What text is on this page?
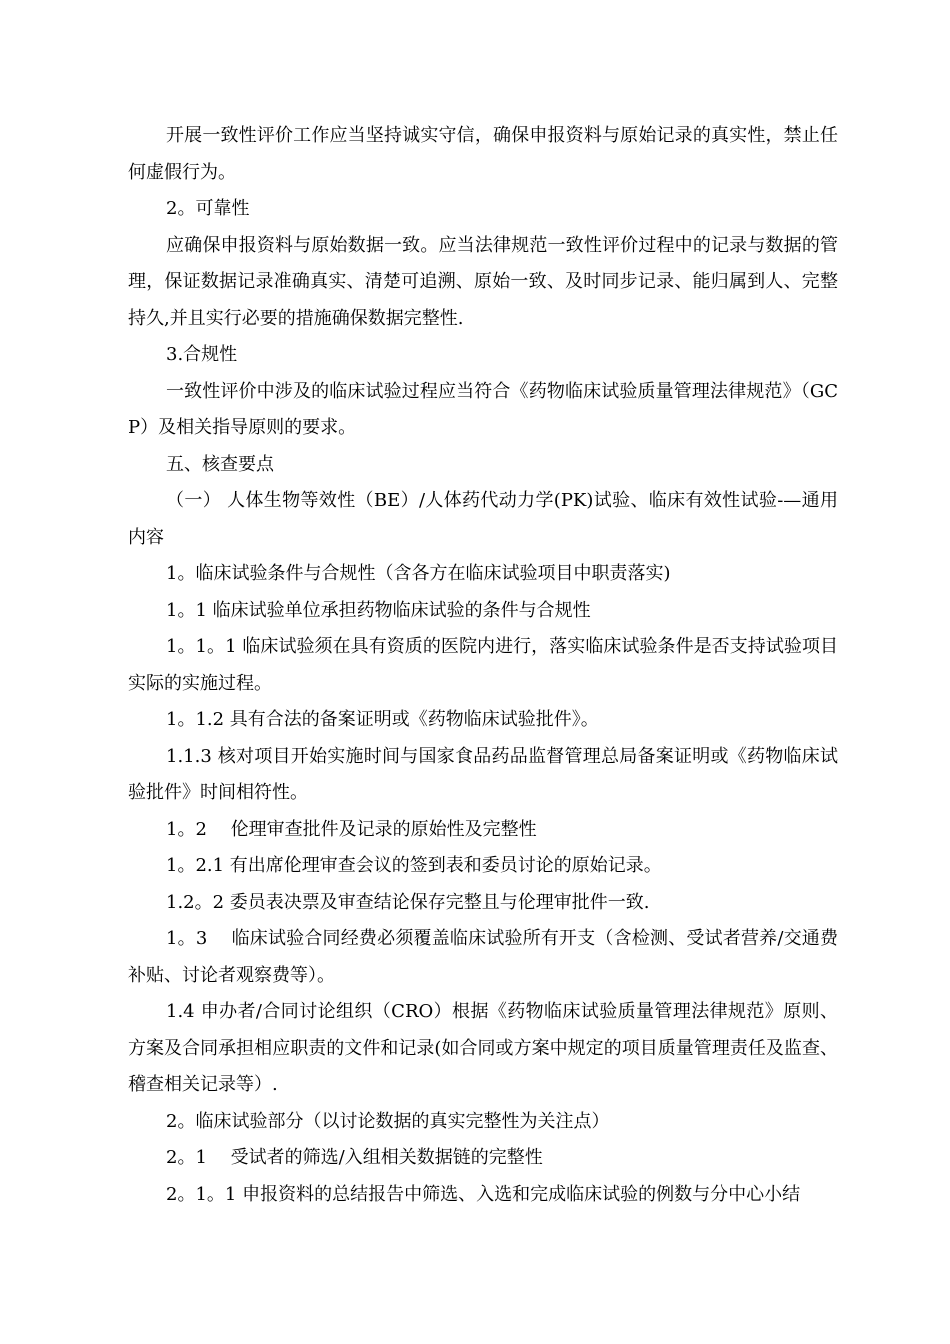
开展一致性评价工作应当坚持诚实守信，确保申报资料与原始记录的真实性，禁止任何虚假行为。

2。可靠性

应确保申报资料与原始数据一致。应当法律规范一致性评价过程中的记录与数据的管理，保证数据记录准确真实、清楚可追溯、原始一致、及时同步记录、能归属到人、完整持久,并且实行必要的措施确保数据完整性.

3.合规性

一致性评价中涉及的临床试验过程应当符合《药物临床试验质量管理法律规范》（GCP）及相关指导原则的要求。

五、核查要点

（一） 人体生物等效性（BE）/人体药代动力学(PK)试验、临床有效性试验-—通用内容

1。临床试验条件与合规性（含各方在临床试验项目中职责落实)

1。1 临床试验单位承担药物临床试验的条件与合规性

1。1。1 临床试验须在具有资质的医院内进行，落实临床试验条件是否支持试验项目实际的实施过程。

1。1.2 具有合法的备案证明或《药物临床试验批件》。

1.1.3 核对项目开始实施时间与国家食品药品监督管理总局备案证明或《药物临床试验批件》时间相符性。

1。2　 伦理审查批件及记录的原始性及完整性

1。2.1 有出席伦理审查会议的签到表和委员讨论的原始记录。

1.2。2 委员表决票及审查结论保存完整且与伦理审批件一致.

1。3　 临床试验合同经费必须覆盖临床试验所有开支（含检测、受试者营养/交通费补贴、讨论者观察费等）。

1.4 申办者/合同讨论组织（CRO）根据《药物临床试验质量管理法律规范》原则、方案及合同承担相应职责的文件和记录(如合同或方案中规定的项目质量管理责任及监查、稽查相关记录等）.

2。临床试验部分（以讨论数据的真实完整性为关注点）

2。1　 受试者的筛选/入组相关数据链的完整性

2。1。1 申报资料的总结报告中筛选、入选和完成临床试验的例数与分中心小结
